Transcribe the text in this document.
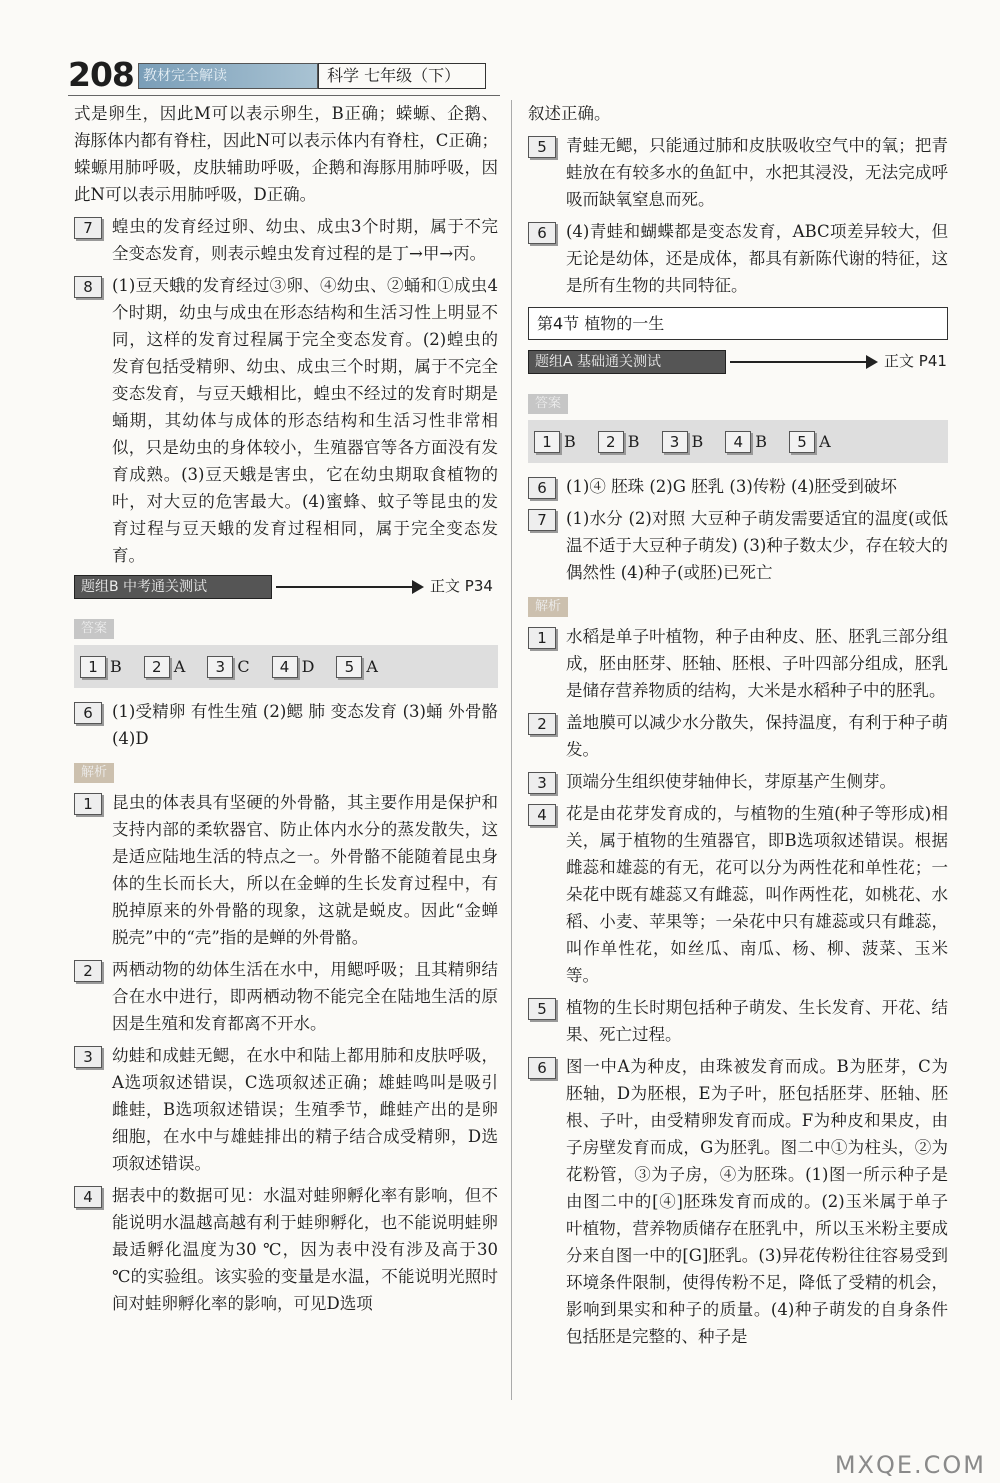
208 教材完全解读	科学 七年级（下）
式是卵生，因此M可以表示卵生，B正确；蝾螈、企鹅、海豚体内都有脊柱，因此N可以表示体内有脊柱，C正确；蝾螈用肺呼吸，皮肤辅助呼吸，企鹅和海豚用肺呼吸，因此N可以表示用肺呼吸，D正确。
7	蝗虫的发育经过卵、幼虫、成虫3个时期，属于不完全变态发育，则表示蝗虫发育过程的是丁→甲→丙。
8	(1)豆天蛾的发育经过③卵、④幼虫、②蛹和①成虫4个时期，幼虫与成虫在形态结构和生活习性上明显不同，这样的发育过程属于完全变态发育。(2)蝗虫的发育包括受精卵、幼虫、成虫三个时期，属于不完全变态发育，与豆天蛾相比，蝗虫不经过的发育时期是蛹期，其幼体与成体的形态结构和生活习性非常相似，只是幼虫的身体较小，生殖器官等各方面没有发育成熟。(3)豆天蛾是害虫，它在幼虫期取食植物的叶，对大豆的危害最大。(4)蜜蜂、蚊子等昆虫的发育过程与豆天蛾的发育过程相同，属于完全变态发育。
题组B 中考通关测试	正文 P34
答案
1 B	2 A	3 C	4 D	5 A
6	(1)受精卵 有性生殖 (2)鳃 肺 变态发育 (3)蛹 外骨骼 (4)D
解析
1	昆虫的体表具有坚硬的外骨骼，其主要作用是保护和支持内部的柔软器官、防止体内水分的蒸发散失，这是适应陆地生活的特点之一。外骨骼不能随着昆虫身体的生长而长大，所以在金蝉的生长发育过程中，有脱掉原来的外骨骼的现象，这就是蜕皮。因此“金蝉脱壳”中的“壳”指的是蝉的外骨骼。
2	两栖动物的幼体生活在水中，用鳃呼吸；且其精卵结合在水中进行，即两栖动物不能完全在陆地生活的原因是生殖和发育都离不开水。
3	幼蛙和成蛙无鳃，在水中和陆上都用肺和皮肤呼吸，A选项叙述错误，C选项叙述正确；雄蛙鸣叫是吸引雌蛙，B选项叙述错误；生殖季节，雌蛙产出的是卵细胞，在水中与雄蛙排出的精子结合成受精卵，D选项叙述错误。
4	据表中的数据可见：水温对蛙卵孵化率有影响，但不能说明水温越高越有利于蛙卵孵化，也不能说明蛙卵最适孵化温度为30 ℃，因为表中没有涉及高于30 ℃的实验组。该实验的变量是水温，不能说明光照时间对蛙卵孵化率的影响，可见D选项
叙述正确。
5	青蛙无鳃，只能通过肺和皮肤吸收空气中的氧；把青蛙放在有较多水的鱼缸中，水把其浸没，无法完成呼吸而缺氧窒息而死。
6	(4)青蛙和蝴蝶都是变态发育，ABC项差异较大，但无论是幼体，还是成体，都具有新陈代谢的特征，这是所有生物的共同特征。
第4节 植物的一生
题组A 基础通关测试	正文 P41
答案
1 B	2 B	3 B	4 B	5 A
6	(1)④ 胚珠 (2)G 胚乳 (3)传粉 (4)胚受到破坏
7	(1)水分 (2)对照 大豆种子萌发需要适宜的温度(或低温不适于大豆种子萌发) (3)种子数太少，存在较大的偶然性 (4)种子(或胚)已死亡
解析
1	水稻是单子叶植物，种子由种皮、胚、胚乳三部分组成，胚由胚芽、胚轴、胚根、子叶四部分组成，胚乳是储存营养物质的结构，大米是水稻种子中的胚乳。
2	盖地膜可以减少水分散失，保持温度，有利于种子萌发。
3	顶端分生组织使芽轴伸长，芽原基产生侧芽。
4	花是由花芽发育成的，与植物的生殖(种子等形成)相关，属于植物的生殖器官，即B选项叙述错误。根据雌蕊和雄蕊的有无，花可以分为两性花和单性花；一朵花中既有雄蕊又有雌蕊，叫作两性花，如桃花、水稻、小麦、苹果等；一朵花中只有雄蕊或只有雌蕊，叫作单性花，如丝瓜、南瓜、杨、柳、菠菜、玉米等。
5	植物的生长时期包括种子萌发、生长发育、开花、结果、死亡过程。
6	图一中A为种皮，由珠被发育而成。B为胚芽，C为胚轴，D为胚根，E为子叶，胚包括胚芽、胚轴、胚根、子叶，由受精卵发育而成。F为种皮和果皮，由子房壁发育而成，G为胚乳。图二中①为柱头，②为花粉管，③为子房，④为胚珠。(1)图一所示种子是由图二中的[④]胚珠发育而成的。(2)玉米属于单子叶植物，营养物质储存在胚乳中，所以玉米粉主要成分来自图一中的[G]胚乳。(3)异花传粉往往容易受到环境条件限制，使得传粉不足，降低了受精的机会，影响到果实和种子的质量。(4)种子萌发的自身条件包括胚是完整的、种子是
MXQE.COM
